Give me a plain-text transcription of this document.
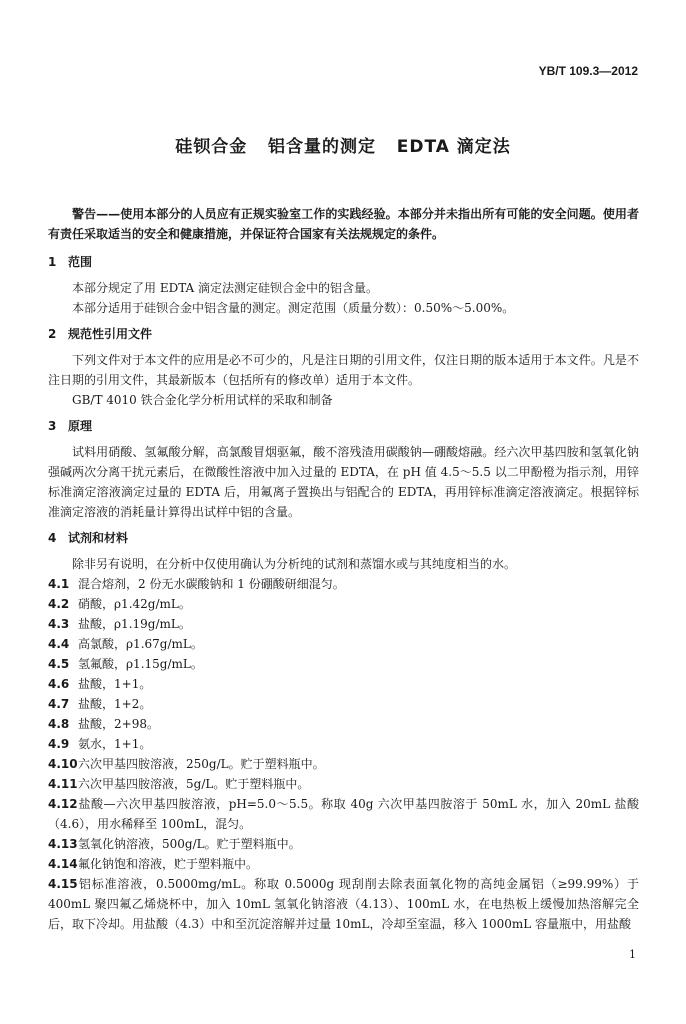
YB/T 109.3—2012
硅钡合金   铝含量的测定   EDTA 滴定法

警告——使用本部分的人员应有正规实验室工作的实践经验。本部分并未指出所有可能的安全问题。使用者有责任采取适当的安全和健康措施，并保证符合国家有关法规规定的条件。

1 范围

本部分规定了用 EDTA 滴定法测定硅钡合金中的铝含量。

本部分适用于硅钡合金中铝含量的测定。测定范围（质量分数）：0.50%～5.00%。

2 规范性引用文件

下列文件对于本文件的应用是必不可少的，凡是注日期的引用文件，仅注日期的版本适用于本文件。凡是不注日期的引用文件，其最新版本（包括所有的修改单）适用于本文件。

GB/T 4010 铁合金化学分析用试样的采取和制备

3 原理

试料用硝酸、氢氟酸分解，高氯酸冒烟驱氟，酸不溶残渣用碳酸钠—硼酸熔融。经六次甲基四胺和氢氧化钠强碱两次分离干扰元素后，在微酸性溶液中加入过量的 EDTA，在 pH 值 4.5～5.5 以二甲酚橙为指示剂，用锌标准滴定溶液滴定过量的 EDTA 后，用氟离子置换出与铝配合的 EDTA，再用锌标准滴定溶液滴定。根据锌标准滴定溶液的消耗量计算得出试样中铝的含量。

4 试剂和材料

除非另有说明，在分析中仅使用确认为分析纯的试剂和蒸馏水或与其纯度相当的水。

4.1 混合熔剂，2 份无水碳酸钠和 1 份硼酸研细混匀。

4.2 硝酸，ρ1.42g/mL。

4.3 盐酸，ρ1.19g/mL。

4.4 高氯酸，ρ1.67g/mL。

4.5 氢氟酸，ρ1.15g/mL。

4.6 盐酸，1+1。

4.7 盐酸，1+2。

4.8 盐酸，2+98。

4.9 氨水，1+1。

4.10六次甲基四胺溶液，250g/L。贮于塑料瓶中。

4.11六次甲基四胺溶液，5g/L。贮于塑料瓶中。

4.12盐酸—六次甲基四胺溶液，pH=5.0～5.5。称取 40g 六次甲基四胺溶于 50mL 水，加入 20mL 盐酸（4.6），用水稀释至 100mL，混匀。

4.13氢氧化钠溶液，500g/L。贮于塑料瓶中。

4.14氟化钠饱和溶液，贮于塑料瓶中。

4.15铝标准溶液，0.5000mg/mL。称取 0.5000g 现刮削去除表面氧化物的高纯金属铝（≥99.99%）于 400mL 聚四氟乙烯烧杯中，加入 10mL 氢氧化钠溶液（4.13）、100mL 水，在电热板上缓慢加热溶解完全后，取下冷却。用盐酸（4.3）中和至沉淀溶解并过量 10mL，冷却至室温，移入 1000mL 容量瓶中，用盐酸

1
